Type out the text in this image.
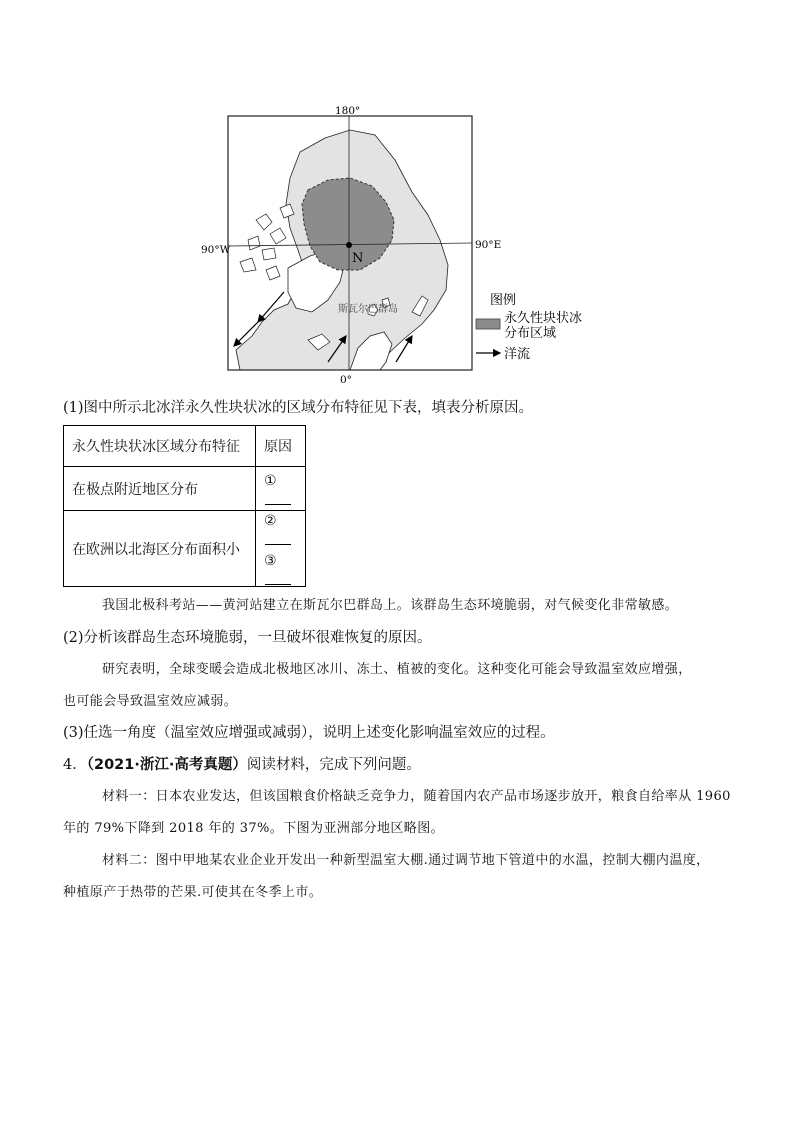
180°
0°
90°W	90°E
N
斯瓦尔巴群岛
图例
永久性块状冰
分布区域
洋流
(1)图中所示北冰洋永久性块状冰的区域分布特征见下表，填表分析原因。
永久性块状冰区域分布特征	原因
在极点附近地区分布	①
在欧洲以北海区分布面积小	②
③
我国北极科考站——黄河站建立在斯瓦尔巴群岛上。该群岛生态环境脆弱，对气候变化非常敏感。
(2)分析该群岛生态环境脆弱，一旦破坏很难恢复的原因。
研究表明，全球变暖会造成北极地区冰川、冻土、植被的变化。这种变化可能会导致温室效应增强，
也可能会导致温室效应减弱。
(3)任选一角度（温室效应增强或减弱），说明上述变化影响温室效应的过程。
4．（2021·浙江·高考真题）阅读材料，完成下列问题。
材料一：日本农业发达，但该国粮食价格缺乏竞争力，随着国内农产品市场逐步放开，粮食自给率从 1960
年的 79%下降到 2018 年的 37%。下图为亚洲部分地区略图。
材料二：图中甲地某农业企业开发出一种新型温室大棚.通过调节地下管道中的水温，控制大棚内温度，
种植原产于热带的芒果.可使其在冬季上市。
